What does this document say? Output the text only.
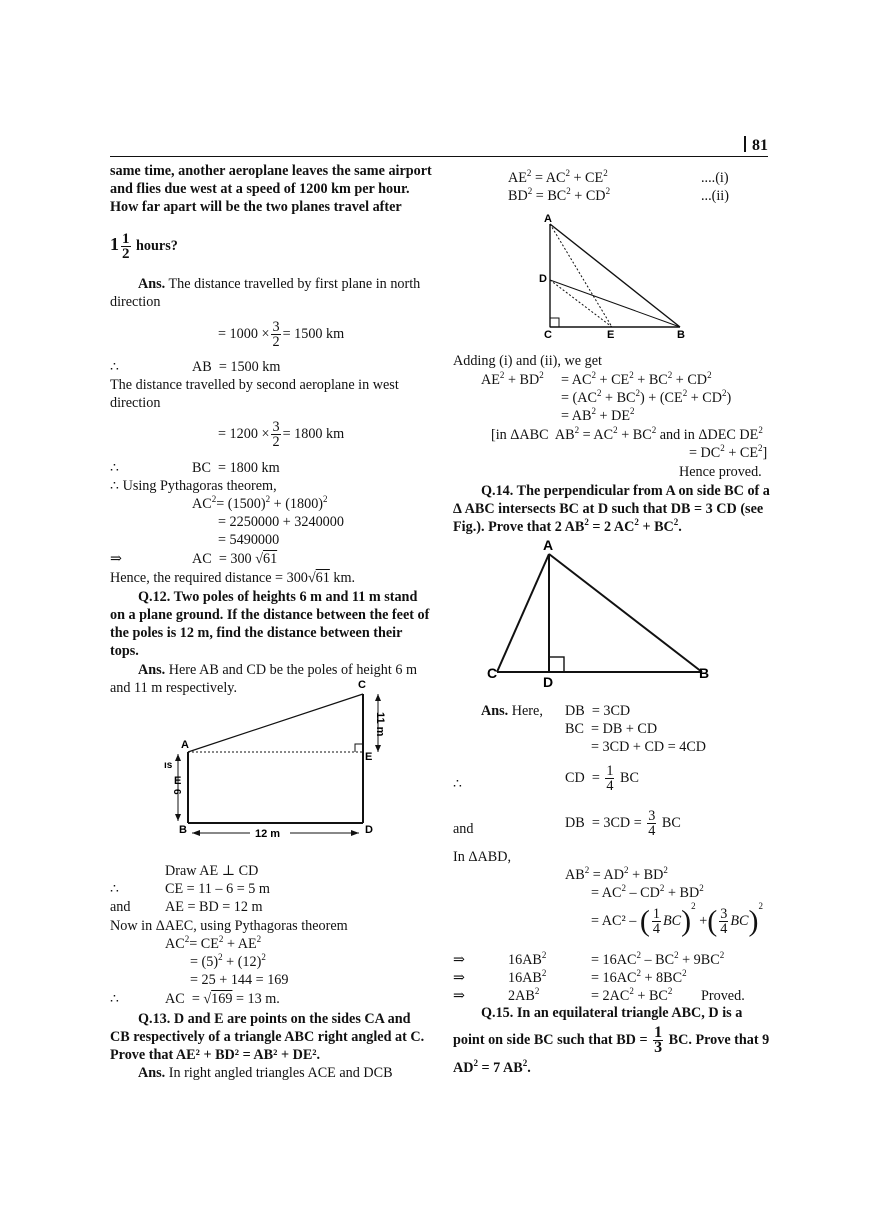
81
same time, another aeroplane leaves the same airport
and flies due west at a speed of 1200 km per hour.
How far apart will be the two planes travel after
$1 \frac{1}{2}$ hours?
Ans. The distance travelled by first plane in north
direction
= $1000 \times \frac{3}{2} = 1500$ km
∴	AB = 1500 km
The distance travelled by second aeroplane in west
direction
= $1200 \times \frac{3}{2} = 1800$ km
∴	BC = 1800 km
∴ Using Pythagoras theorem,
$AC^2= (1500)^2 + (1800)^2$
= 2250000 + 3240000
= 5490000
⇒	AC = 300 √61
Hence, the required distance = 300√61 km.
Q.12. Two poles of heights 6 m and 11 m stand
on a plane ground. If the distance between the feet of
the poles is 12 m, find the distance between their
tops.
Ans. Here AB and CD be the poles of height 6 m
and 11 m respectively.
Draw AE ⊥ CD
∴	CE = 11 – 6 = 5 m
and AE = BD = 12 m
Now in ΔAEC, using Pythagoras theorem
$AC^2= CE^2 + AE^2$
= $(5)^2 + (12)^2$
= 25 + 144 = 169
∴	AC = √169 = 13 m.
Q.13. D and E are points on the sides CA and
CB respectively of a triangle ABC right angled at C.
Prove that AE² + BD² = AB² + DE².
Ans. In right angled triangles ACE and DCB
C
A
E
E
B	D
12 m
11 m
6
ıs
$AE^2 = AC^2 + CE^2$	....(i)
$BD^2 = BC^2 + CD^2$	...(ii)
Adding (i) and (ii), we get
$AE^2 + BD^2 = AC^2 + CE^2 + BC^2 + CD^2$
= $(AC^2 + BC^2) + (CE^2 + CD^2)$
= $AB^2 + DE^2$
[in ΔABC  $AB^2 = AC^2 + BC^2$ and in ΔDEC $DE^2$
= $DC^2 + CE^2$]
Hence proved.
Q.14. The perpendicular from A on side BC of a
Δ ABC intersects BC at D such that DB = 3 CD (see
Fig.). Prove that 2 $AB^2 = 2$ $AC^2 + BC^2$.
Ans. Here, DB = 3CD
BC = DB + CD
= 3CD + CD = 4CD
∴	CD = $\frac{1}{4}$ BC
and	DB = $3CD = \frac{3}{4}$ BC
In ΔABD,
$AB^2 = AD^2 + BD^2$
= $AC^2 - CD^2 + BD^2$
= AC² – ( $\frac{1}{4} BC)^2$ +( $\frac{3}{4} BC)^2$
⇒	$16AB^2$	= $16AC^2 - BC^2 + 9BC^2$
⇒	$16AB^2$	= $16AC^2 + 8BC^2$
⇒	$2AB^2$	= $2AC^2 + BC^2$ Proved.
Q.15. In an equilateral triangle ABC, D is a
point on side BC such that BD = $\frac{1}{3}$ BC. Prove that 9
$AD^2 = 7$ $AB^2$.
A
D
C	E	B
A
C
D
B
